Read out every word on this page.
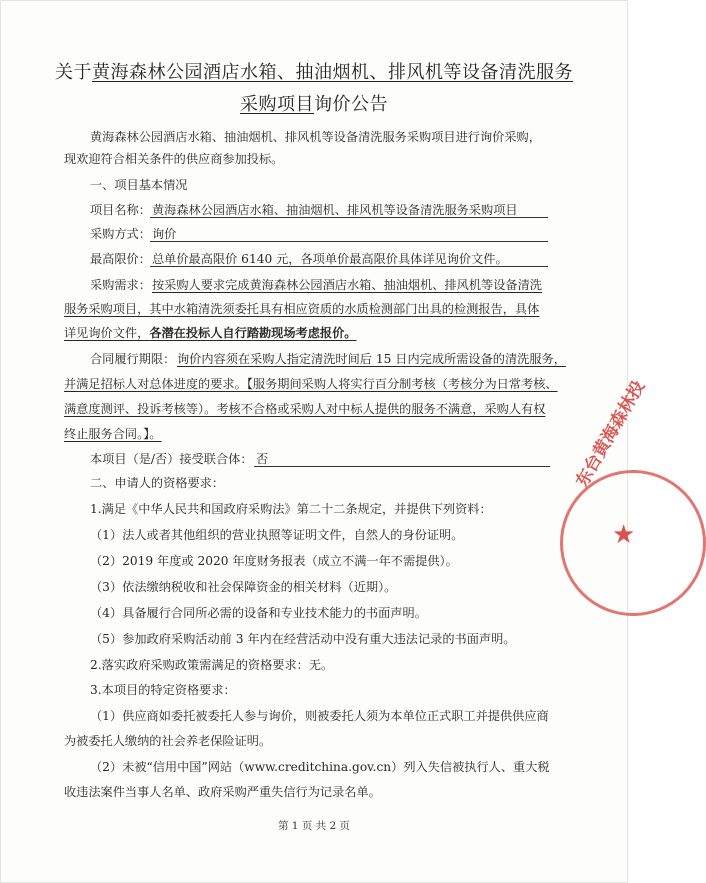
关于黄海森林公园酒店水箱、抽油烟机、排风机等设备清洗服务
采购项目询价公告
黄海森林公园酒店水箱、抽油烟机、排风机等设备清洗服务采购项目进行询价采购，
现欢迎符合相关条件的供应商参加投标。
一、项目基本情况
项目名称： 黄海森林公园酒店水箱、抽油烟机、排风机等设备清洗服务采购项目
采购方式： 询价
最高限价： 总单价最高限价 6140 元，各项单价最高限价具体详见询价文件。
采购需求： 按采购人要求完成黄海森林公园酒店水箱、抽油烟机、排风机等设备清洗
服务采购项目，其中水箱清洗须委托具有相应资质的水质检测部门出具的检测报告，具体
详见询价文件，各潜在投标人自行踏勘现场考虑报价。
合同履行期限： 询价内容须在采购人指定清洗时间后 15 日内完成所需设备的清洗服务，
并满足招标人对总体进度的要求。【服务期间采购人将实行百分制考核（考核分为日常考核、
满意度测评、投诉考核等）。考核不合格或采购人对中标人提供的服务不满意，采购人有权
终止服务合同。】。
本项目（是/否）接受联合体： 否
二、申请人的资格要求：
1.满足《中华人民共和国政府采购法》第二十二条规定，并提供下列资料：
（1）法人或者其他组织的营业执照等证明文件，自然人的身份证明。
（2）2019 年度或 2020 年度财务报表（成立不满一年不需提供）。
（3）依法缴纳税收和社会保障资金的相关材料（近期）。
（4）具备履行合同所必需的设备和专业技术能力的书面声明。
（5）参加政府采购活动前 3 年内在经营活动中没有重大违法记录的书面声明。
2.落实政府采购政策需满足的资格要求：无。
3.本项目的特定资格要求：
（1）供应商如委托被委托人参与询价，则被委托人须为本单位正式职工并提供供应商
为被委托人缴纳的社会养老保险证明。
（2）未被“信用中国”网站（www.creditchina.gov.cn）列入失信被执行人、重大税
收违法案件当事人名单、政府采购严重失信行为记录名单。
第 1 页 共 2 页
东台黄海森林投
★
